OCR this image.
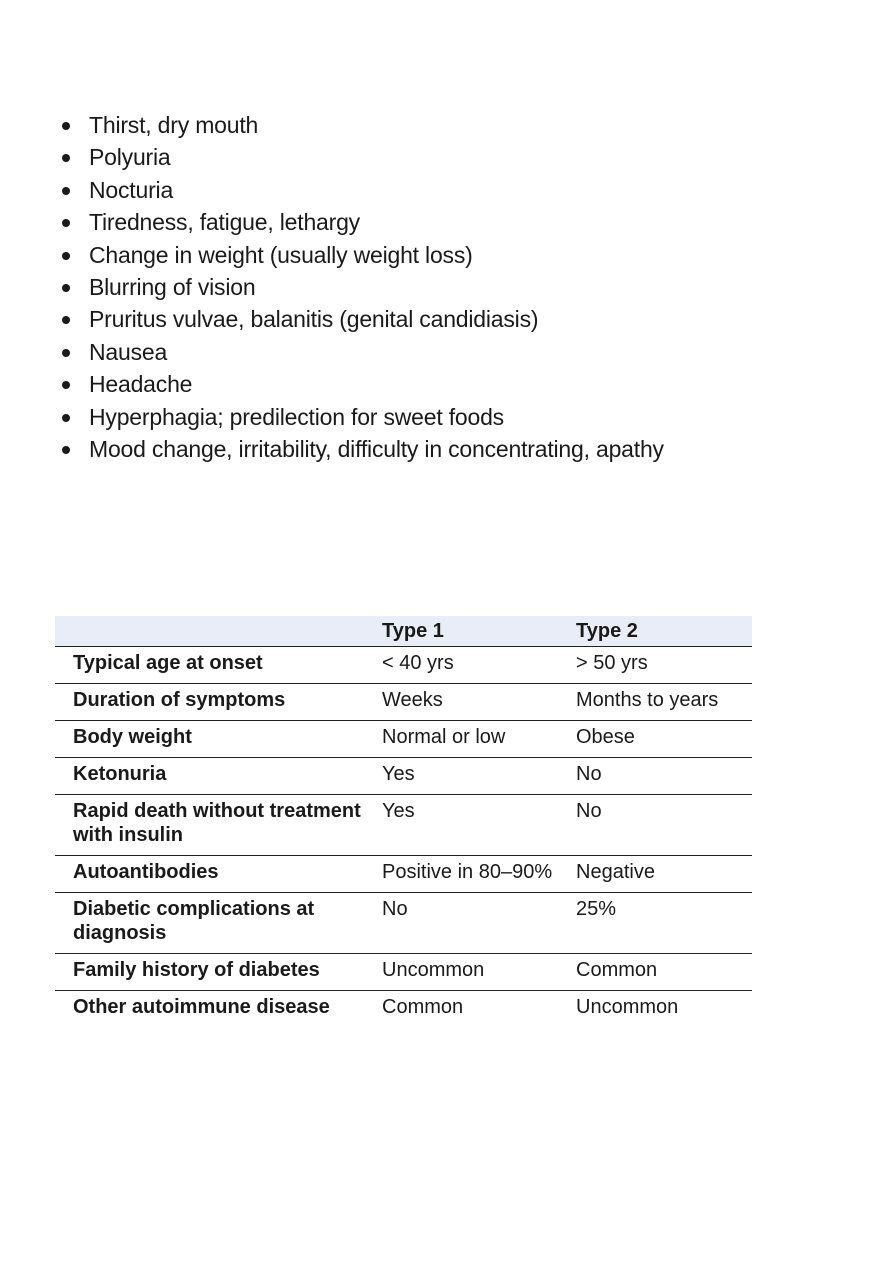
Thirst, dry mouth
Polyuria
Nocturia
Tiredness, fatigue, lethargy
Change in weight (usually weight loss)
Blurring of vision
Pruritus vulvae, balanitis (genital candidiasis)
Nausea
Headache
Hyperphagia; predilection for sweet foods
Mood change, irritability, difficulty in concentrating, apathy
	Type 1	Type 2
Typical age at onset	< 40 yrs	> 50 yrs
Duration of symptoms	Weeks	Months to years
Body weight	Normal or low	Obese
Ketonuria	Yes	No
Rapid death without treatment with insulin	Yes	No
Autoantibodies	Positive in 80–90%	Negative
Diabetic complications at diagnosis	No	25%
Family history of diabetes	Uncommon	Common
Other autoimmune disease	Common	Uncommon
